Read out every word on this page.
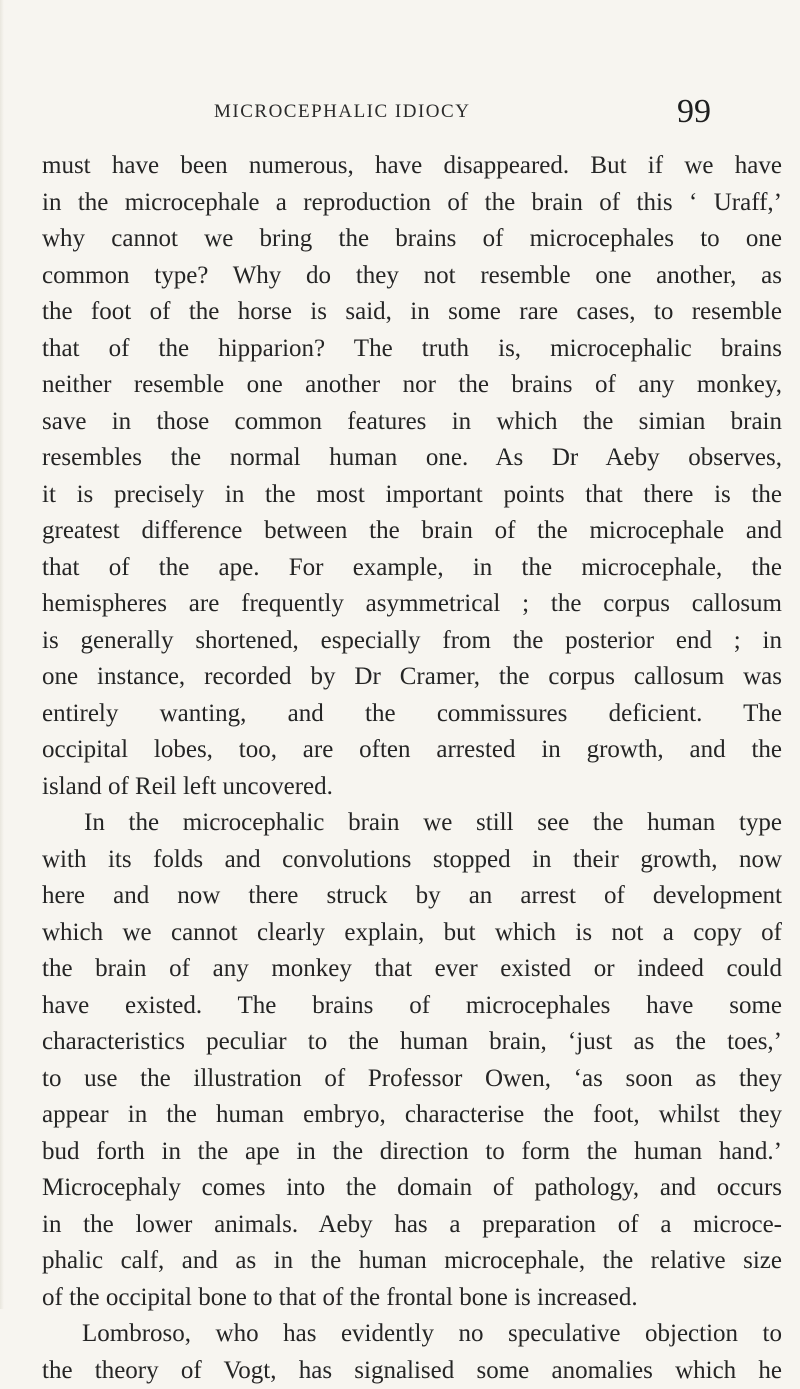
MICROCEPHALIC IDIOCY	99
must have been numerous, have disappeared. But if we have
in the microcephale a reproduction of the brain of this ‘ Uraff,’
why cannot we bring the brains of microcephales to one
common type? Why do they not resemble one another, as
the foot of the horse is said, in some rare cases, to resemble
that of the hipparion? The truth is, microcephalic brains
neither resemble one another nor the brains of any monkey,
save in those common features in which the simian brain
resembles the normal human one. As Dr Aeby observes,
it is precisely in the most important points that there is the
greatest difference between the brain of the microcephale and
that of the ape. For example, in the microcephale, the
hemispheres are frequently asymmetrical ; the corpus callosum
is generally shortened, especially from the posterior end ; in
one instance, recorded by Dr Cramer, the corpus callosum was
entirely wanting, and the commissures deficient. The
occipital lobes, too, are often arrested in growth, and the
island of Reil left uncovered.
In the microcephalic brain we still see the human type
with its folds and convolutions stopped in their growth, now
here and now there struck by an arrest of development
which we cannot clearly explain, but which is not a copy of
the brain of any monkey that ever existed or indeed could
have existed. The brains of microcephales have some
characteristics peculiar to the human brain, ‘just as the toes,’
to use the illustration of Professor Owen, ‘as soon as they
appear in the human embryo, characterise the foot, whilst they
bud forth in the ape in the direction to form the human hand.’
Microcephaly comes into the domain of pathology, and occurs
in the lower animals. Aeby has a preparation of a microce-
phalic calf, and as in the human microcephale, the relative size
of the occipital bone to that of the frontal bone is increased.
Lombroso, who has evidently no speculative objection to
the theory of Vogt, has signalised some anomalies which he
